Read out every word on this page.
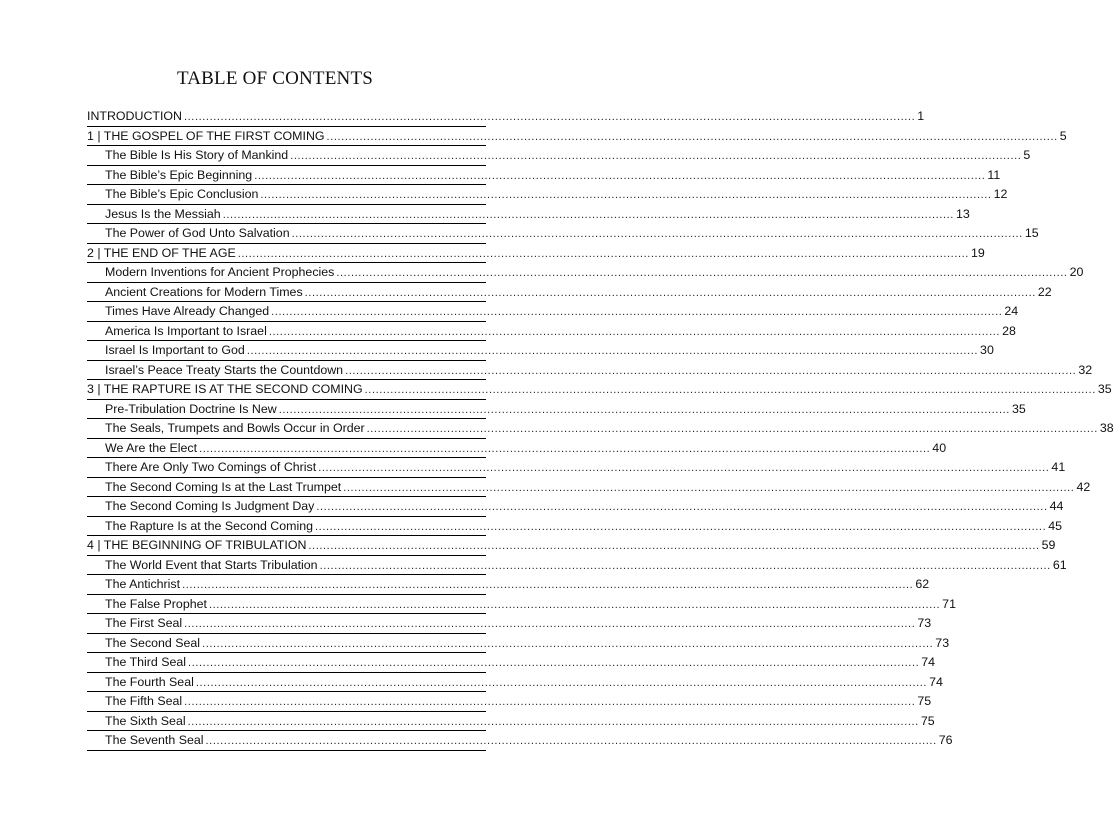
TABLE OF CONTENTS
INTRODUCTION ........................................................................................................................................................................................................ 1
1 | THE GOSPEL OF THE FIRST COMING ........................................................................................................................................................................................................ 5
The Bible Is His Story of Mankind ........................................................................................................................................................................................................ 5
The Bible’s Epic Beginning ........................................................................................................................................................................................................ 11
The Bible’s Epic Conclusion ........................................................................................................................................................................................................ 12
Jesus Is the Messiah ........................................................................................................................................................................................................ 13
The Power of God Unto Salvation ........................................................................................................................................................................................................ 15
2 | THE END OF THE AGE ........................................................................................................................................................................................................ 19
Modern Inventions for Ancient Prophecies ........................................................................................................................................................................................................ 20
Ancient Creations for Modern Times ........................................................................................................................................................................................................ 22
Times Have Already Changed ........................................................................................................................................................................................................ 24
America Is Important to Israel ........................................................................................................................................................................................................ 28
Israel Is Important to God ........................................................................................................................................................................................................ 30
Israel’s Peace Treaty Starts the Countdown ........................................................................................................................................................................................................ 32
3 | THE RAPTURE IS AT THE SECOND COMING ........................................................................................................................................................................................................ 35
Pre-Tribulation Doctrine Is New ........................................................................................................................................................................................................ 35
The Seals, Trumpets and Bowls Occur in Order ........................................................................................................................................................................................................ 38
We Are the Elect ........................................................................................................................................................................................................ 40
There Are Only Two Comings of Christ ........................................................................................................................................................................................................ 41
The Second Coming Is at the Last Trumpet ........................................................................................................................................................................................................ 42
The Second Coming Is Judgment Day ........................................................................................................................................................................................................ 44
The Rapture Is at the Second Coming ........................................................................................................................................................................................................ 45
4 | THE BEGINNING OF TRIBULATION ........................................................................................................................................................................................................ 59
The World Event that Starts Tribulation ........................................................................................................................................................................................................ 61
The Antichrist ........................................................................................................................................................................................................ 62
The False Prophet ........................................................................................................................................................................................................ 71
The First Seal ........................................................................................................................................................................................................ 73
The Second Seal ........................................................................................................................................................................................................ 73
The Third Seal ........................................................................................................................................................................................................ 74
The Fourth Seal ........................................................................................................................................................................................................ 74
The Fifth Seal ........................................................................................................................................................................................................ 75
The Sixth Seal ........................................................................................................................................................................................................ 75
The Seventh Seal ........................................................................................................................................................................................................ 76
